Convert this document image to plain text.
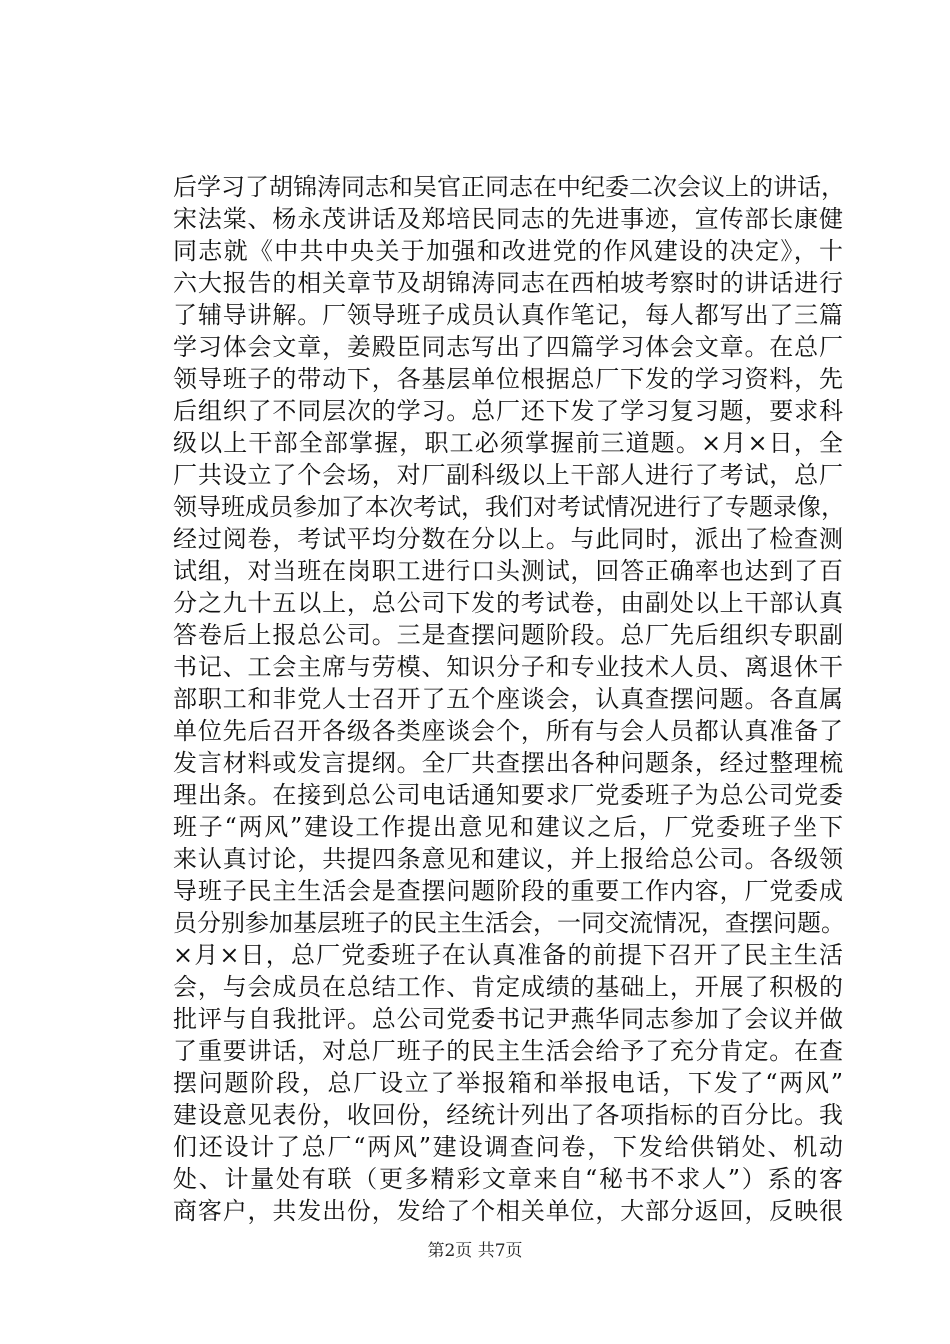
后学习了胡锦涛同志和吴官正同志在中纪委二次会议上的讲话，
宋法棠、杨永茂讲话及郑培民同志的先进事迹，宣传部长康健
同志就《中共中央关于加强和改进党的作风建设的决定》，十
六大报告的相关章节及胡锦涛同志在西柏坡考察时的讲话进行
了辅导讲解。厂领导班子成员认真作笔记，每人都写出了三篇
学习体会文章，姜殿臣同志写出了四篇学习体会文章。在总厂
领导班子的带动下，各基层单位根据总厂下发的学习资料，先
后组织了不同层次的学习。总厂还下发了学习复习题，要求科
级以上干部全部掌握，职工必须掌握前三道题。×月×日，全
厂共设立了个会场，对厂副科级以上干部人进行了考试，总厂
领导班成员参加了本次考试，我们对考试情况进行了专题录像，
经过阅卷，考试平均分数在分以上。与此同时，派出了检查测
试组，对当班在岗职工进行口头测试，回答正确率也达到了百
分之九十五以上，总公司下发的考试卷，由副处以上干部认真
答卷后上报总公司。三是查摆问题阶段。总厂先后组织专职副
书记、工会主席与劳模、知识分子和专业技术人员、离退休干
部职工和非党人士召开了五个座谈会，认真查摆问题。各直属
单位先后召开各级各类座谈会个，所有与会人员都认真准备了
发言材料或发言提纲。全厂共查摆出各种问题条，经过整理梳
理出条。在接到总公司电话通知要求厂党委班子为总公司党委
班子“两风”建设工作提出意见和建议之后，厂党委班子坐下
来认真讨论，共提四条意见和建议，并上报给总公司。各级领
导班子民主生活会是查摆问题阶段的重要工作内容，厂党委成
员分别参加基层班子的民主生活会，一同交流情况，查摆问题。
×月×日，总厂党委班子在认真准备的前提下召开了民主生活
会，与会成员在总结工作、肯定成绩的基础上，开展了积极的
批评与自我批评。总公司党委书记尹燕华同志参加了会议并做
了重要讲话，对总厂班子的民主生活会给予了充分肯定。在查
摆问题阶段，总厂设立了举报箱和举报电话，下发了“两风”
建设意见表份，收回份，经统计列出了各项指标的百分比。我
们还设计了总厂“两风”建设调查问卷，下发给供销处、机动
处、计量处有联（更多精彩文章来自“秘书不求人”）系的客
商客户，共发出份，发给了个相关单位，大部分返回，反映很
第2页 共7页
